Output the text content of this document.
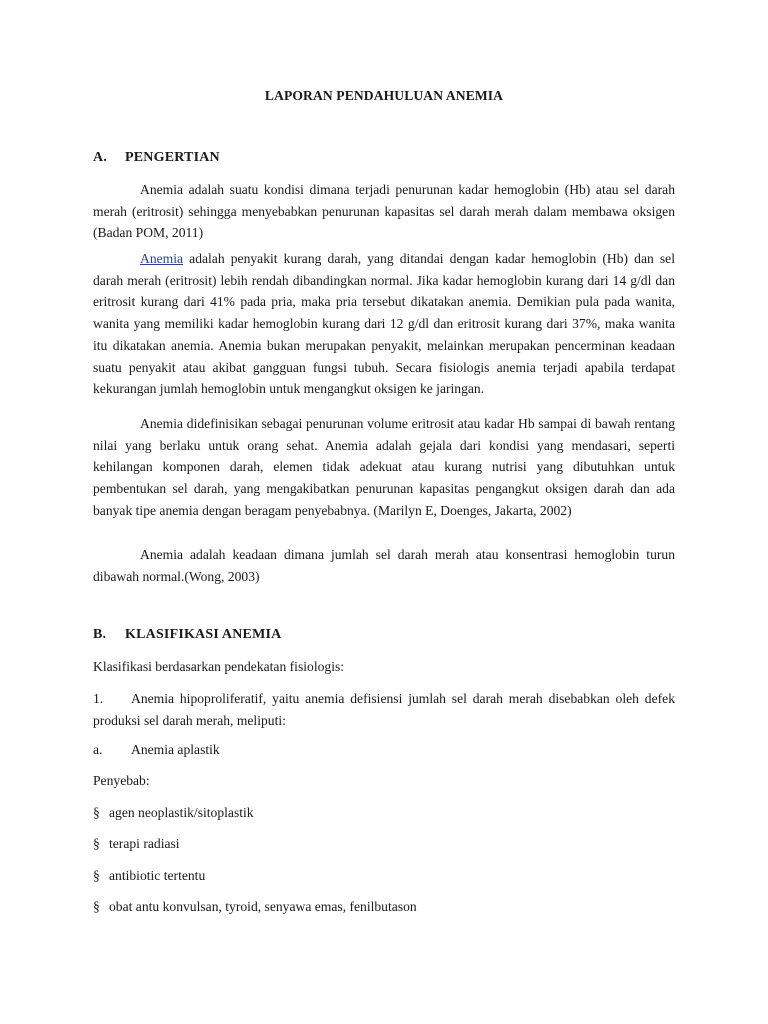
LAPORAN PENDAHULUAN ANEMIA
A. PENGERTIAN
Anemia adalah suatu kondisi dimana terjadi penurunan kadar hemoglobin (Hb) atau sel darah merah (eritrosit) sehingga menyebabkan penurunan kapasitas sel darah merah dalam membawa oksigen (Badan POM, 2011)
Anemia adalah penyakit kurang darah, yang ditandai dengan kadar hemoglobin (Hb) dan sel darah merah (eritrosit) lebih rendah dibandingkan normal. Jika kadar hemoglobin kurang dari 14 g/dl dan eritrosit kurang dari 41% pada pria, maka pria tersebut dikatakan anemia. Demikian pula pada wanita, wanita yang memiliki kadar hemoglobin kurang dari 12 g/dl dan eritrosit kurang dari 37%, maka wanita itu dikatakan anemia. Anemia bukan merupakan penyakit, melainkan merupakan pencerminan keadaan suatu penyakit atau akibat gangguan fungsi tubuh. Secara fisiologis anemia terjadi apabila terdapat kekurangan jumlah hemoglobin untuk mengangkut oksigen ke jaringan.
Anemia didefinisikan sebagai penurunan volume eritrosit atau kadar Hb sampai di bawah rentang nilai yang berlaku untuk orang sehat. Anemia adalah gejala dari kondisi yang mendasari, seperti kehilangan komponen darah, elemen tidak adekuat atau kurang nutrisi yang dibutuhkan untuk pembentukan sel darah, yang mengakibatkan penurunan kapasitas pengangkut oksigen darah dan ada banyak tipe anemia dengan beragam penyebabnya. (Marilyn E, Doenges, Jakarta, 2002)
Anemia adalah keadaan dimana jumlah sel darah merah atau konsentrasi hemoglobin turun dibawah normal.(Wong, 2003)
B. KLASIFIKASI ANEMIA
Klasifikasi berdasarkan pendekatan fisiologis:
1. Anemia hipoproliferatif, yaitu anemia defisiensi jumlah sel darah merah disebabkan oleh defek produksi sel darah merah, meliputi:
a. Anemia aplastik
Penyebab:
§ agen neoplastik/sitoplastik
§ terapi radiasi
§ antibiotic tertentu
§ obat antu konvulsan, tyroid, senyawa emas, fenilbutason
